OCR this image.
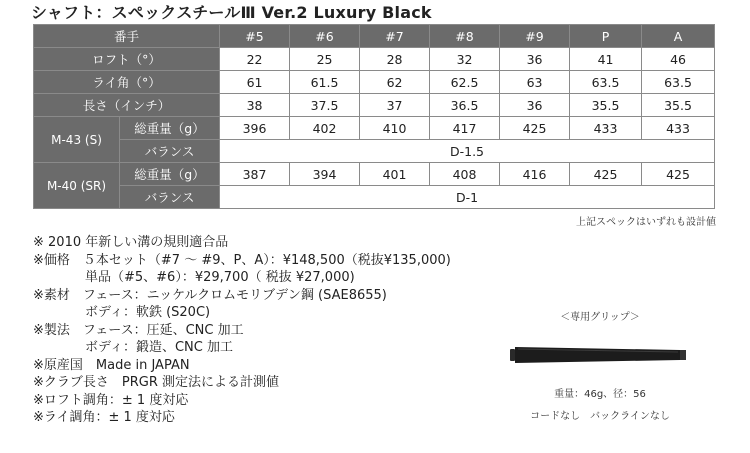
シャフト：スペックスチールⅢ Ver.2 Luxury Black
番手		#5	#6	#7	#8	#9	P	A
ロフト（°）		22	25	28	32	36	41	46
ライ角（°）		61	61.5	62	62.5	63	63.5	63.5
長さ（インチ）		38	37.5	37	36.5	36	35.5	35.5
M-43 (S)	総重量（g）	396	402	410	417	425	433	433
	バランス	D-1.5						
M-40 (SR)	総重量（g）	387	394	401	408	416	425	425
	バランス	D-1						
上記スペックはいずれも設計値
※ 2010 年新しい溝の規則適合品
※価格　５本セット（#7 〜 #9、P、A）：¥148,500（税抜¥135,000)
　　　　単品（#5、#6）：¥29,700（ 税抜 ¥27,000)
※素材　フェース：ニッケルクロムモリブデン鋼 (SAE8655)
　　　　ボディ：軟鉄 (S20C)
※製法　フェース：圧延、CNC 加工
　　　　ボディ：鍛造、CNC 加工
※原産国　Made in JAPAN
※クラブ長さ　PRGR 測定法による計測値
※ロフト調角：± 1 度対応
※ライ調角：± 1 度対応
＜専用グリップ＞
重量：46g、径：56
コードなし　バックラインなし
